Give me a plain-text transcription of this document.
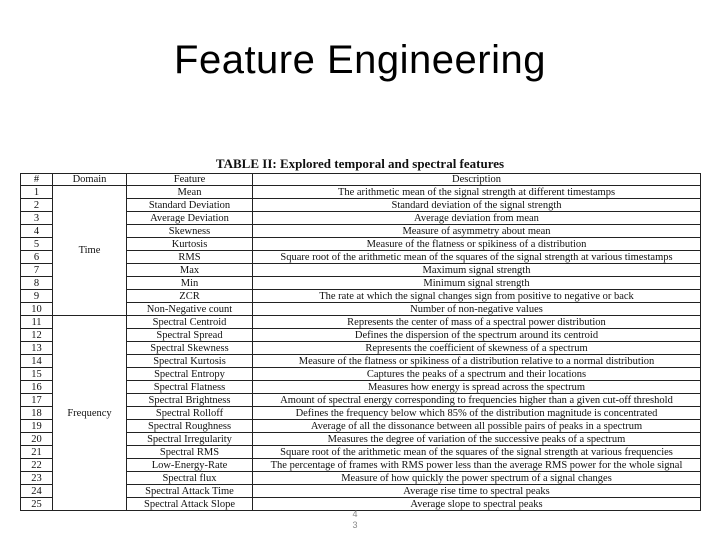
Feature Engineering
TABLE II: Explored temporal and spectral features
#	Domain	Feature	Description
1	Time	Mean	The arithmetic mean of the signal strength at different timestamps
2		Standard Deviation	Standard deviation of the signal strength
3		Average Deviation	Average deviation from mean
4		Skewness	Measure of asymmetry about mean
5		Kurtosis	Measure of the flatness or spikiness of a distribution
6		RMS	Square root of the arithmetic mean of the squares of the signal strength at various timestamps
7		Max	Maximum signal strength
8		Min	Minimum signal strength
9		ZCR	The rate at which the signal changes sign from positive to negative or back
10		Non-Negative count	Number of non-negative values
11	Frequency	Spectral Centroid	Represents the center of mass of a spectral power distribution
12		Spectral Spread	Defines the dispersion of the spectrum around its centroid
13		Spectral Skewness	Represents the coefficient of skewness of a spectrum
14		Spectral Kurtosis	Measure of the flatness or spikiness of a distribution relative to a normal distribution
15		Spectral Entropy	Captures the peaks of a spectrum and their locations
16		Spectral Flatness	Measures how energy is spread across the spectrum
17		Spectral Brightness	Amount of spectral energy corresponding to frequencies higher than a given cut-off threshold
18		Spectral Rolloff	Defines the frequency below which 85% of the distribution magnitude is concentrated
19		Spectral Roughness	Average of all the dissonance between all possible pairs of peaks in a spectrum
20		Spectral Irregularity	Measures the degree of variation of the successive peaks of a spectrum
21		Spectral RMS	Square root of the arithmetic mean of the squares of the signal strength at various frequencies
22		Low-Energy-Rate	The percentage of frames with RMS power less than the average RMS power for the whole signal
23		Spectral flux	Measure of how quickly the power spectrum of a signal changes
24		Spectral Attack Time	Average rise time to spectral peaks
25		Spectral Attack Slope	Average slope to spectral peaks
4
3
